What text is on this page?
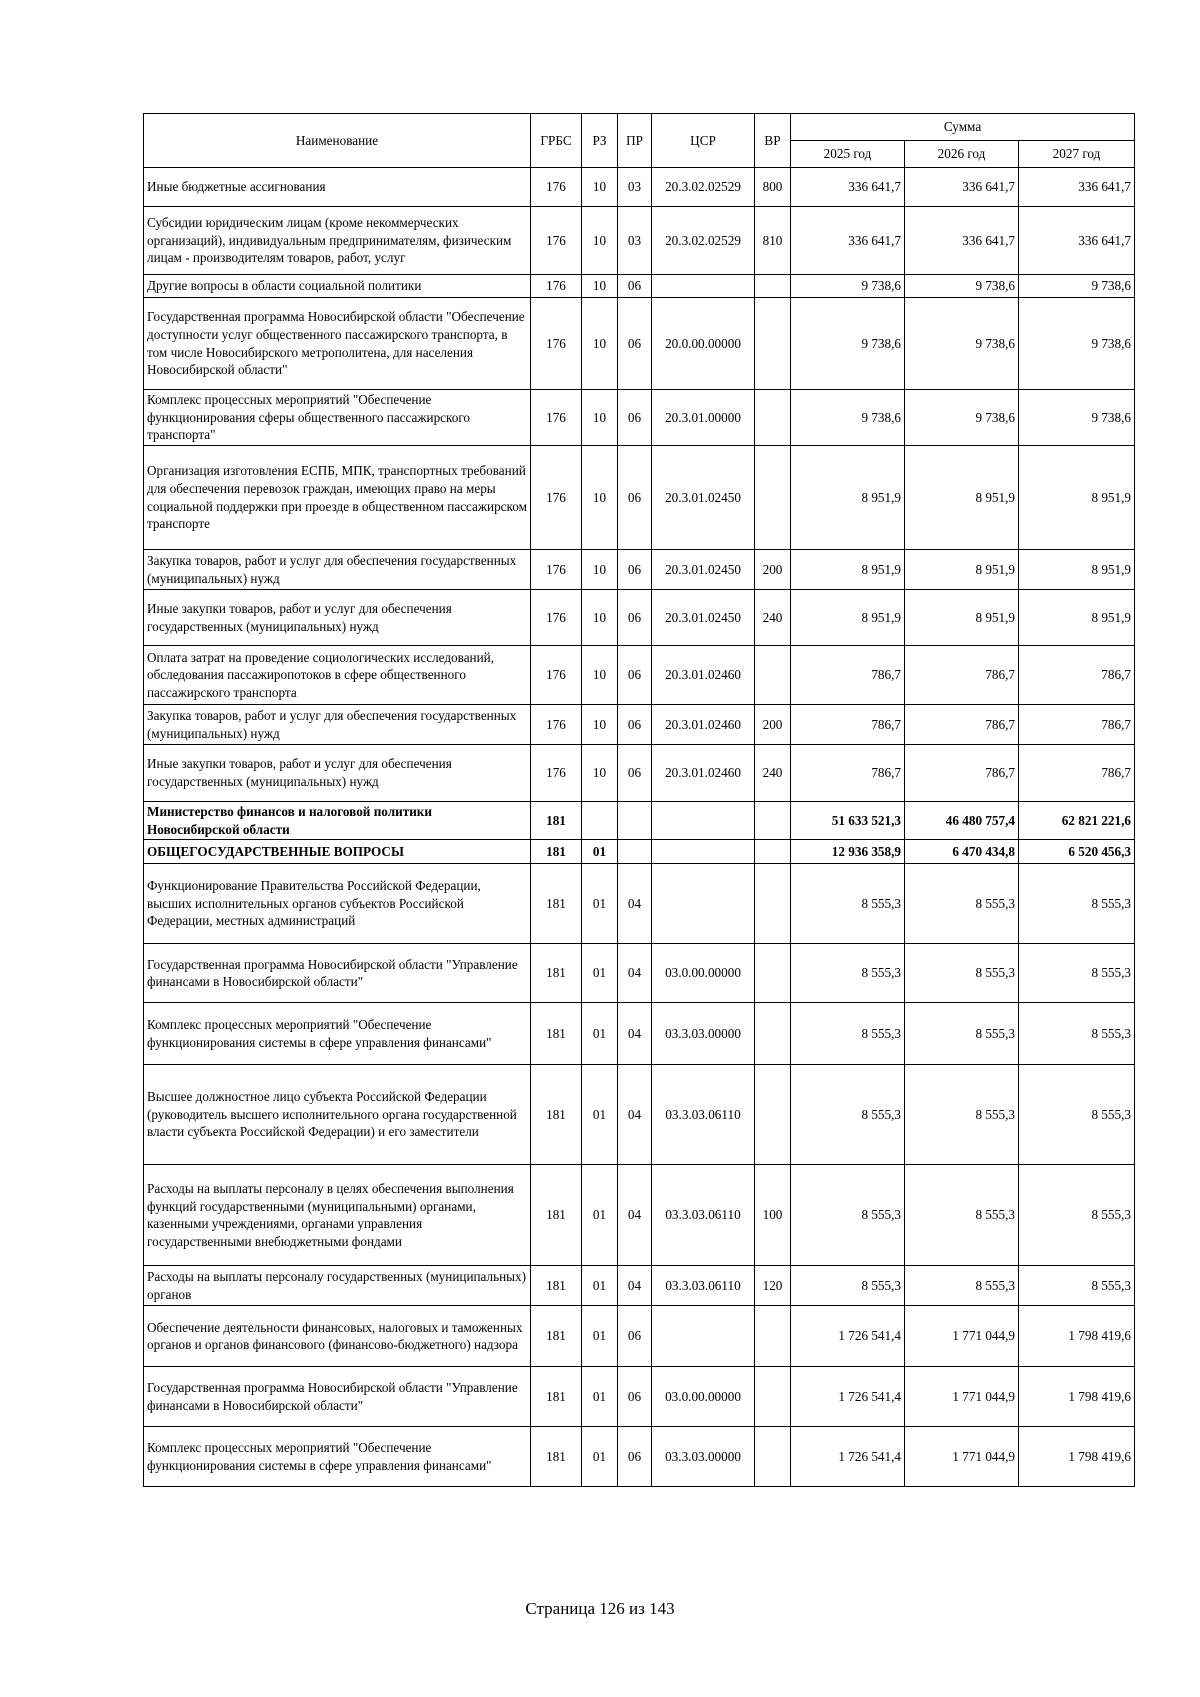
Наименование	ГРБС	РЗ	ПР	ЦСР	ВР	Сумма		
						2025 год	2026 год	2027 год
Иные бюджетные ассигнования	176	10	03	20.3.02.02529	800	336 641,7	336 641,7	336 641,7
Субсидии юридическим лицам (кроме некоммерческих организаций), индивидуальным предпринимателям, физическим лицам - производителям товаров, работ, услуг	176	10	03	20.3.02.02529	810	336 641,7	336 641,7	336 641,7
Другие вопросы в области социальной политики	176	10	06			9 738,6	9 738,6	9 738,6
Государственная программа Новосибирской области "Обеспечение доступности услуг общественного пассажирского транспорта, в том числе Новосибирского метрополитена, для населения Новосибирской области"	176	10	06	20.0.00.00000		9 738,6	9 738,6	9 738,6
Комплекс процессных мероприятий "Обеспечение функционирования сферы общественного пассажирского транспорта"	176	10	06	20.3.01.00000		9 738,6	9 738,6	9 738,6
Организация изготовления ЕСПБ, МПК, транспортных требований для обеспечения перевозок граждан, имеющих право на меры социальной поддержки при проезде в общественном пассажирском транспорте	176	10	06	20.3.01.02450		8 951,9	8 951,9	8 951,9
Закупка товаров, работ и услуг для обеспечения государственных (муниципальных) нужд	176	10	06	20.3.01.02450	200	8 951,9	8 951,9	8 951,9
Иные закупки товаров, работ и услуг для обеспечения государственных (муниципальных) нужд	176	10	06	20.3.01.02450	240	8 951,9	8 951,9	8 951,9
Оплата затрат на проведение социологических исследований, обследования пассажиропотоков в сфере общественного пассажирского транспорта	176	10	06	20.3.01.02460		786,7	786,7	786,7
Закупка товаров, работ и услуг для обеспечения государственных (муниципальных) нужд	176	10	06	20.3.01.02460	200	786,7	786,7	786,7
Иные закупки товаров, работ и услуг для обеспечения государственных (муниципальных) нужд	176	10	06	20.3.01.02460	240	786,7	786,7	786,7
Министерство финансов и налоговой политики Новосибирской области	181					51 633 521,3	46 480 757,4	62 821 221,6
ОБЩЕГОСУДАРСТВЕННЫЕ ВОПРОСЫ	181	01				12 936 358,9	6 470 434,8	6 520 456,3
Функционирование Правительства Российской Федерации, высших исполнительных органов субъектов Российской Федерации, местных администраций	181	01	04			8 555,3	8 555,3	8 555,3
Государственная программа Новосибирской области "Управление финансами в Новосибирской области"	181	01	04	03.0.00.00000		8 555,3	8 555,3	8 555,3
Комплекс процессных мероприятий "Обеспечение функционирования системы в сфере управления финансами"	181	01	04	03.3.03.00000		8 555,3	8 555,3	8 555,3
Высшее должностное лицо субъекта Российской Федерации (руководитель высшего исполнительного органа государственной власти субъекта Российской Федерации) и его заместители	181	01	04	03.3.03.06110		8 555,3	8 555,3	8 555,3
Расходы на выплаты персоналу в целях обеспечения выполнения функций государственными (муниципальными) органами, казенными учреждениями, органами управления государственными внебюджетными фондами	181	01	04	03.3.03.06110	100	8 555,3	8 555,3	8 555,3
Расходы на выплаты персоналу государственных (муниципальных) органов	181	01	04	03.3.03.06110	120	8 555,3	8 555,3	8 555,3
Обеспечение деятельности финансовых, налоговых и таможенных органов и органов финансового (финансово-бюджетного) надзора	181	01	06			1 726 541,4	1 771 044,9	1 798 419,6
Государственная программа Новосибирской области "Управление финансами в Новосибирской области"	181	01	06	03.0.00.00000		1 726 541,4	1 771 044,9	1 798 419,6
Комплекс процессных мероприятий "Обеспечение функционирования системы в сфере управления финансами"	181	01	06	03.3.03.00000		1 726 541,4	1 771 044,9	1 798 419,6
Страница 126 из 143
